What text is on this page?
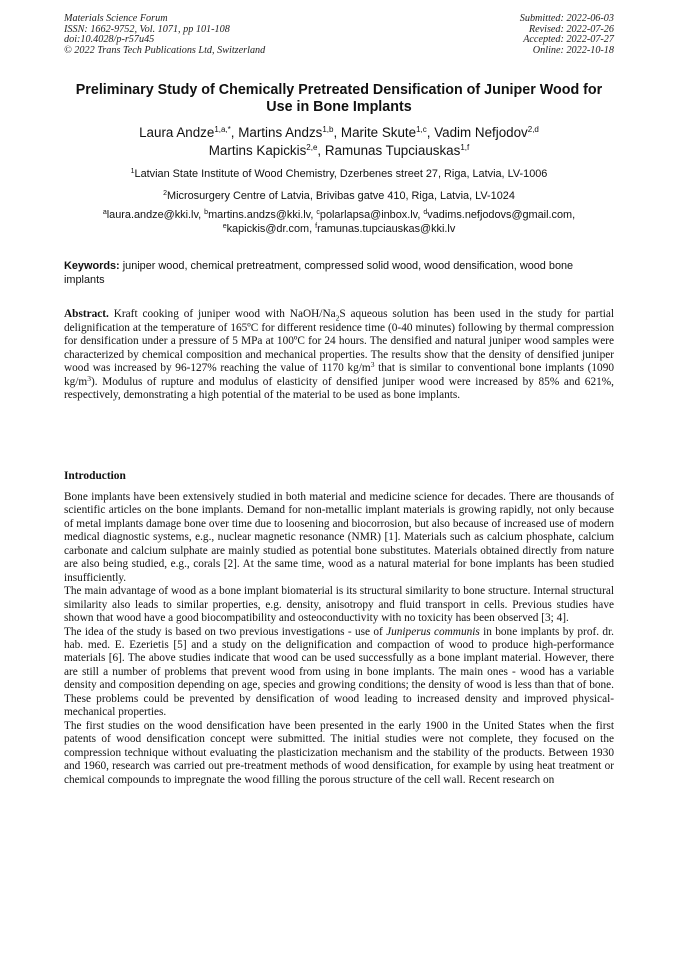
Materials Science Forum
ISSN: 1662-9752, Vol. 1071, pp 101-108
doi:10.4028/p-r57u45
© 2022 Trans Tech Publications Ltd, Switzerland
Submitted: 2022-06-03
Revised: 2022-07-26
Accepted: 2022-07-27
Online: 2022-10-18
Preliminary Study of Chemically Pretreated Densification of Juniper Wood for Use in Bone Implants
Laura Andze$^{1,a,*}$, Martins Andzs$^{1,b}$, Marite Skute$^{1,c}$, Vadim Nefjodov$^{2,d}$
Martins Kapickis$^{2,e}$, Ramunas Tupciauskas$^{1,f}$
$^1$Latvian State Institute of Wood Chemistry, Dzerbenes street 27, Riga, Latvia, LV-1006
$^2$Microsurgery Centre of Latvia, Brivibas gatve 410, Riga, Latvia, LV-1024
$^a$laura.andze@kki.lv, $^b$martins.andzs@kki.lv, $^c$polarlapsa@inbox.lv, $^d$vadims.nefjodovs@gmail.com,
$^e$kapickis@dr.com, $^f$ramunas.tupciauskas@kki.lv
Keywords: juniper wood, chemical pretreatment, compressed solid wood, wood densification, wood bone implants
Abstract. Kraft cooking of juniper wood with NaOH/$Na_2S$ aqueous solution has been used in the study for partial delignification at the temperature of 165ºC for different residence time (0-40 minutes) following by thermal compression for densification under a pressure of 5 MPa at 100ºC for 24 hours. The densified and natural juniper wood samples were characterized by chemical composition and mechanical properties. The results show that the density of densified juniper wood was increased by 96-127% reaching the value of 1170 $kg/m^3$ that is similar to conventional bone implants (1090 $kg/m^3$). Modulus of rupture and modulus of elasticity of densified juniper wood were increased by 85% and 621%, respectively, demonstrating a high potential of the material to be used as bone implants.
Introduction

Bone implants have been extensively studied in both material and medicine science for decades. There are thousands of scientific articles on the bone implants. Demand for non-metallic implant materials is growing rapidly, not only because of metal implants damage bone over time due to loosening and biocorrosion, but also because of increased use of modern medical diagnostic systems, e.g., nuclear magnetic resonance (NMR) [1]. Materials such as calcium phosphate, calcium carbonate and calcium sulphate are mainly studied as potential bone substitutes. Materials obtained directly from nature are also being studied, e.g., corals [2]. At the same time, wood as a natural material for bone implants has been studied insufficiently.

The main advantage of wood as a bone implant biomaterial is its structural similarity to bone structure. Internal structural similarity also leads to similar properties, e.g. density, anisotropy and fluid transport in cells. Previous studies have shown that wood have a good biocompatibility and osteoconductivity with no toxicity has been observed [3; 4].

The idea of the study is based on two previous investigations - use of Juniperus communis in bone implants by prof. dr. hab. med. E. Ezerietis [5] and a study on the delignification and compaction of wood to produce high-performance materials [6]. The above studies indicate that wood can be used successfully as a bone implant material. However, there are still a number of problems that prevent wood from using in bone implants. The main ones - wood has a variable density and composition depending on age, species and growing conditions; the density of wood is less than that of bone. These problems could be prevented by densification of wood leading to increased density and improved physical-mechanical properties.

The first studies on the wood densification have been presented in the early 1900 in the United States when the first patents of wood densification concept were submitted. The initial studies were not complete, they focused on the compression technique without evaluating the plasticization mechanism and the stability of the products. Between 1930 and 1960, research was carried out pre-treatment methods of wood densification, for example by using heat treatment or chemical compounds to impregnate the wood filling the porous structure of the cell wall. Recent research on
